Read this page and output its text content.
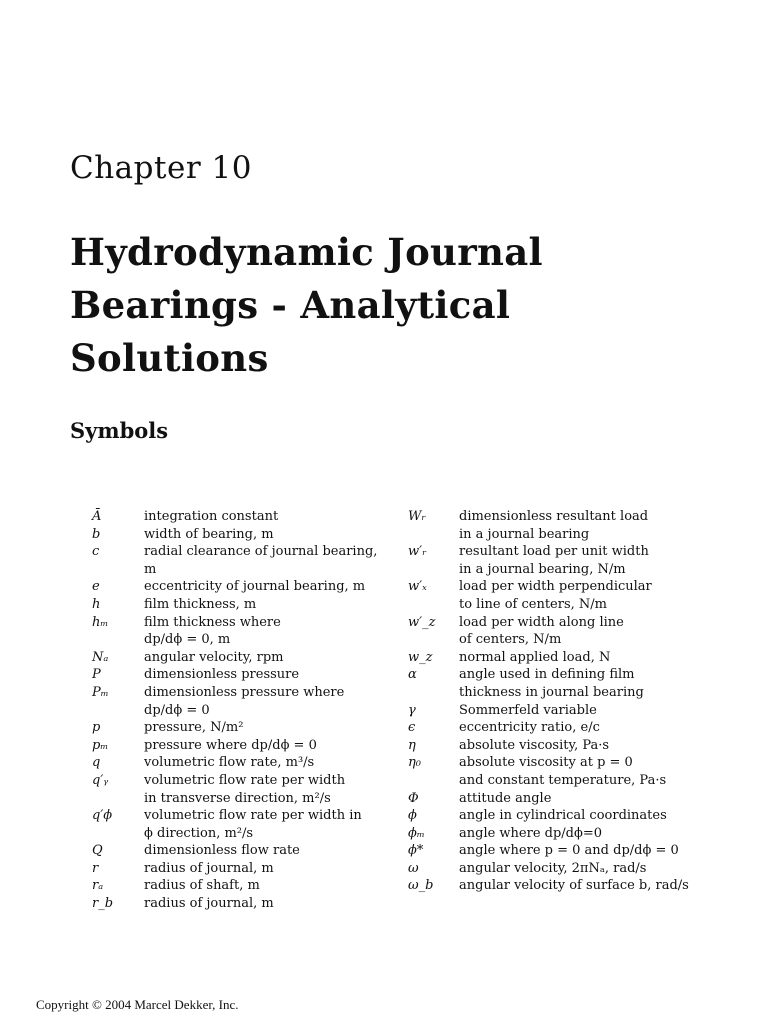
Chapter 10
Hydrodynamic Journal
Bearings - Analytical
Solutions
Symbols
Ā	integration constant
b	width of bearing, m
c	radial clearance of journal bearing,
m
e	eccentricity of journal bearing, m
h	film thickness, m
hₘ	film thickness where
dp/dϕ = 0, m
Nₐ	angular velocity, rpm
P	dimensionless pressure
Pₘ	dimensionless pressure where
dp/dϕ = 0
p	pressure, N/m²
pₘ	pressure where dp/dϕ = 0
q	volumetric flow rate, m³/s
q′ᵧ	volumetric flow rate per width
in transverse direction, m²/s
q′ϕ	volumetric flow rate per width in
ϕ direction, m²/s
Q	dimensionless flow rate
r	radius of journal, m
rₐ	radius of shaft, m
r_b	radius of journal, m
Wᵣ	dimensionless resultant load
in a journal bearing
w′ᵣ	resultant load per unit width
in a journal bearing, N/m
w′ₓ	load per width perpendicular
to line of centers, N/m
w′_z	load per width along line
of centers, N/m
w_z	normal applied load, N
α	angle used in defining film
thickness in journal bearing
γ	Sommerfeld variable
ϵ	eccentricity ratio, e/c
η	absolute viscosity, Pa·s
η₀	absolute viscosity at p = 0
and constant temperature, Pa·s
Φ	attitude angle
ϕ	angle in cylindrical coordinates
ϕₘ	angle where dp/dϕ=0
ϕ*	angle where p = 0 and dp/dϕ = 0
ω	angular velocity, 2πNₐ, rad/s
ω_b	angular velocity of surface b, rad/s
Copyright © 2004 Marcel Dekker, Inc.
